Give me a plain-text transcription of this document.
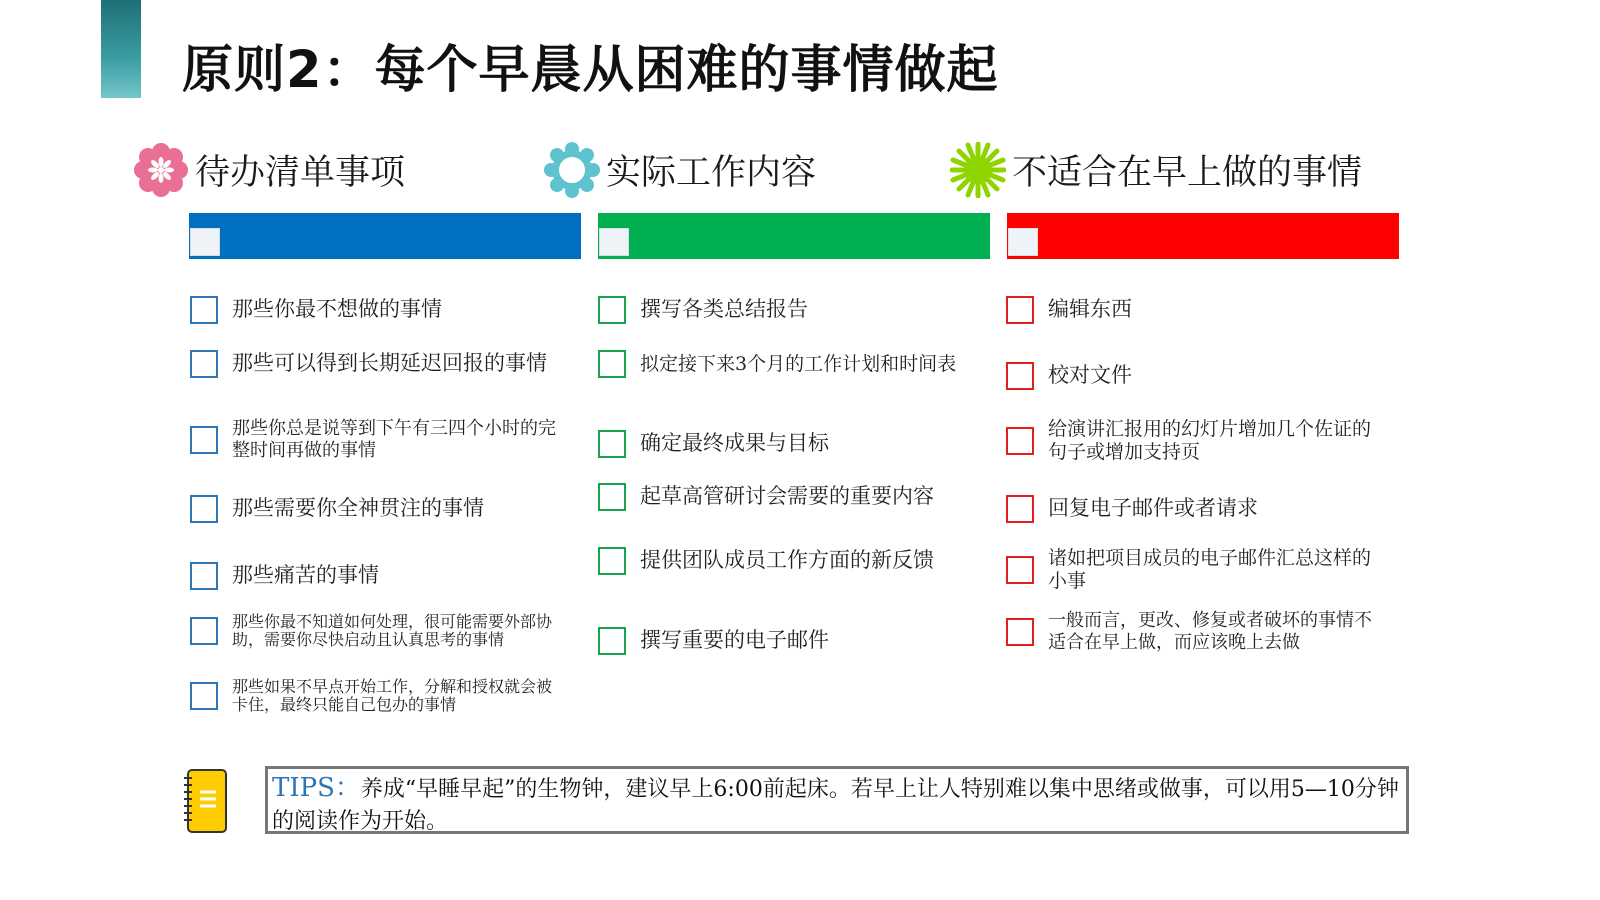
原则2：每个早晨从困难的事情做起
待办清单事项	实际工作内容	不适合在早上做的事情
那些你最不想做的事情
那些可以得到长期延迟回报的事情
那些你总是说等到下午有三四个小时的完整时间再做的事情
那些需要你全神贯注的事情
那些痛苦的事情
那些你最不知道如何处理，很可能需要外部协助，需要你尽快启动且认真思考的事情
那些如果不早点开始工作，分解和授权就会被卡住，最终只能自己包办的事情
撰写各类总结报告
拟定接下来3个月的工作计划和时间表
确定最终成果与目标
起草高管研讨会需要的重要内容
提供团队成员工作方面的新反馈
撰写重要的电子邮件
编辑东西
校对文件
给演讲汇报用的幻灯片增加几个佐证的句子或增加支持页
回复电子邮件或者请求
诸如把项目成员的电子邮件汇总这样的小事
一般而言，更改、修复或者破坏的事情不适合在早上做，而应该晚上去做
TIPS：养成“早睡早起”的生物钟，建议早上6:00前起床。若早上让人特别难以集中思绪或做事，可以用5—10分钟的阅读作为开始。
